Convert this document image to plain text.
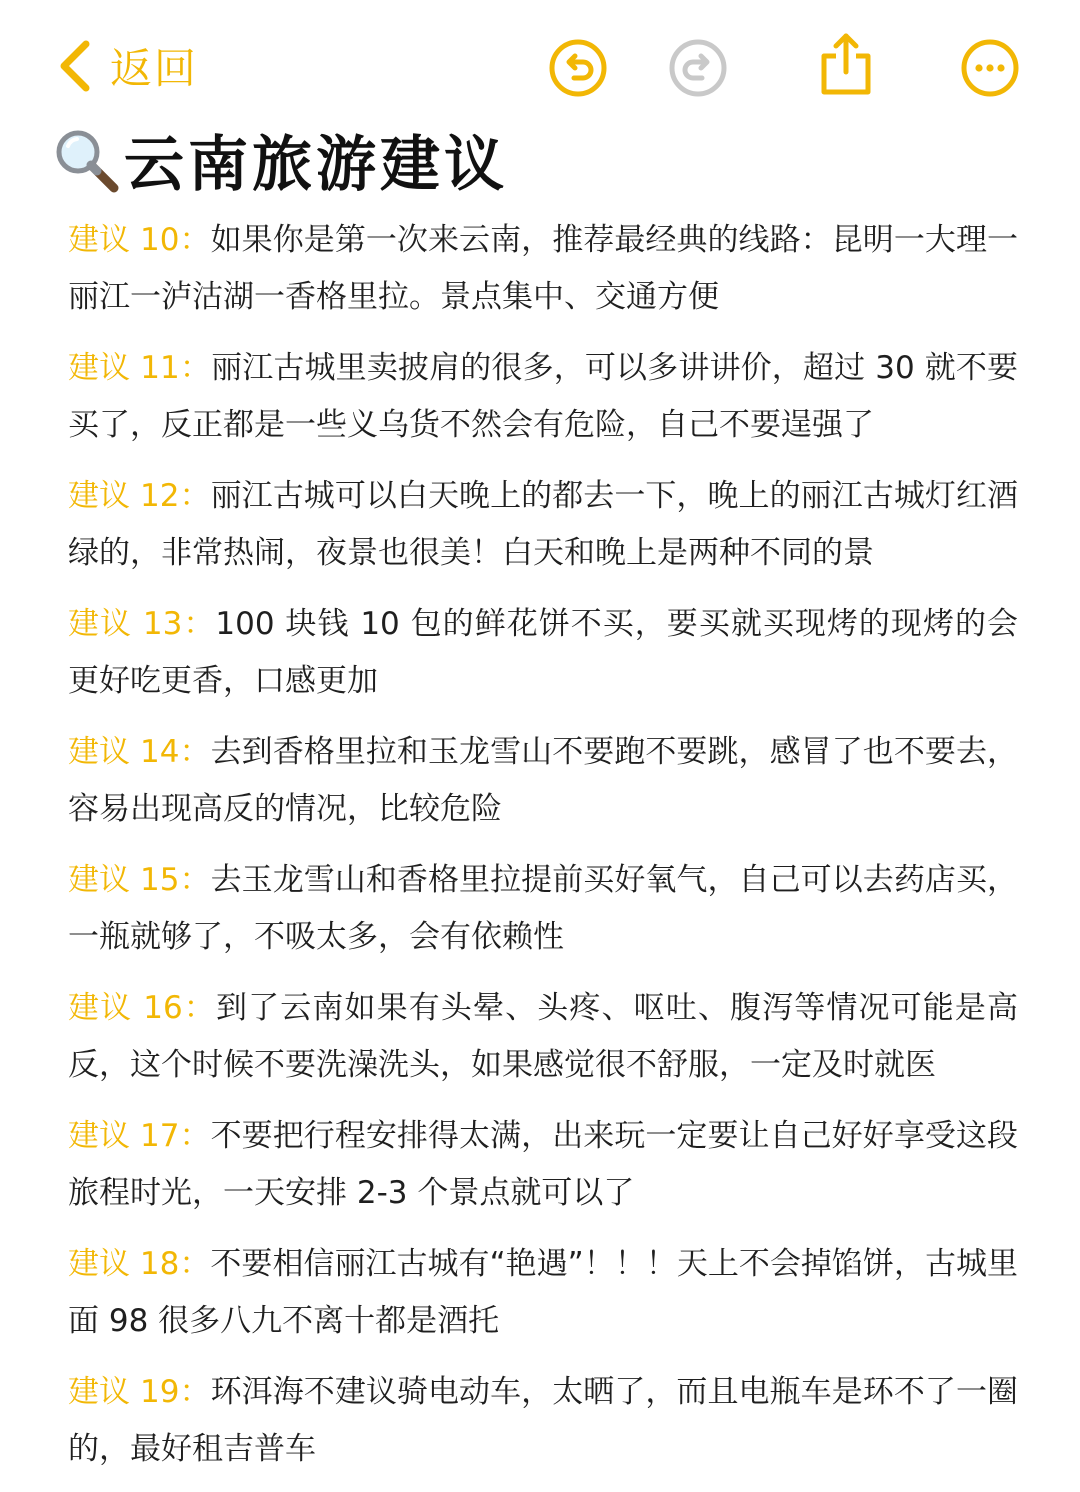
返回
云南旅游建议
建议 10：如果你是第一次来云南，推荐最经典的线路：昆明一大理一丽江一泸沽湖一香格里拉。景点集中、交通方便
建议 11：丽江古城里卖披肩的很多，可以多讲讲价，超过 30 就不要买了，反正都是一些义乌货不然会有危险，自己不要逞强了
建议 12：丽江古城可以白天晚上的都去一下，晚上的丽江古城灯红酒绿的，非常热闹，夜景也很美！白天和晚上是两种不同的景
建议 13：100 块钱 10 包的鲜花饼不买，要买就买现烤的现烤的会更好吃更香，口感更加
建议 14：去到香格里拉和玉龙雪山不要跑不要跳，感冒了也不要去，容易出现高反的情况，比较危险
建议 15：去玉龙雪山和香格里拉提前买好氧气，自己可以去药店买，一瓶就够了，不吸太多，会有依赖性
建议 16：到了云南如果有头晕、头疼、呕吐、腹泻等情况可能是高反，这个时候不要洗澡洗头，如果感觉很不舒服，一定及时就医
建议 17：不要把行程安排得太满，出来玩一定要让自己好好享受这段旅程时光，一天安排 2-3 个景点就可以了
建议 18：不要相信丽江古城有“艳遇”！！！天上不会掉馅饼，古城里面 98 很多八九不离十都是酒托
建议 19：环洱海不建议骑电动车，太晒了，而且电瓶车是环不了一圈的，最好租吉普车
